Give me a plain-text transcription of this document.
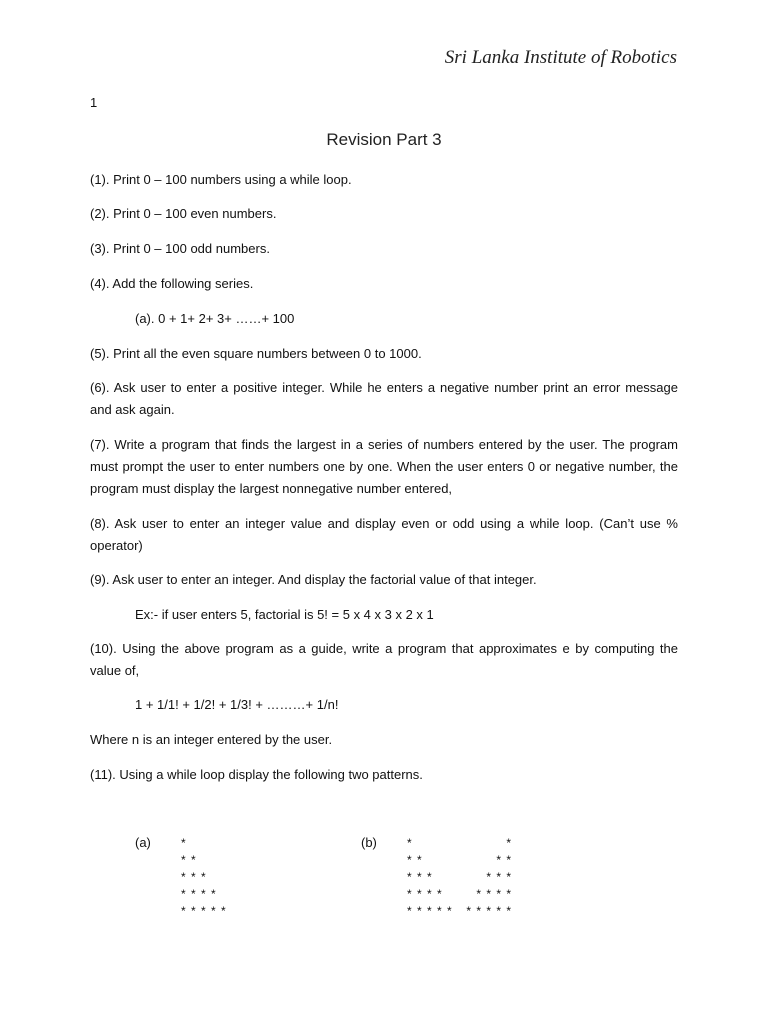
Sri Lanka Institute of Robotics
1
Revision Part 3

(1). Print 0 – 100 numbers using a while loop.

(2). Print 0 – 100 even numbers.

(3). Print 0 – 100 odd numbers.

(4). Add the following series.

(a). 0 + 1+ 2+ 3+ ……+ 100

(5). Print all the even square numbers between 0 to 1000.

(6). Ask user to enter a positive integer. While he enters a negative number print an error message and ask again.

(7). Write a program that finds the largest in a series of numbers entered by the user. The program must prompt the user to enter numbers one by one. When the user enters 0 or negative number, the program must display the largest nonnegative number entered,

(8). Ask user to enter an integer value and display even or odd using a while loop. (Can’t use % operator)

(9). Ask user to enter an integer. And display the factorial value of that integer.

Ex:- if user enters 5, factorial is 5! = 5 x 4 x 3 x 2 x 1

(10). Using the above program as a guide, write a program that approximates e by computing the value of,

1 + 1/1! + 1/2! + 1/3! + ………+ 1/n!

Where n is an integer entered by the user.

(11). Using a while loop display the following two patterns.

(a)	*
* *
* * *
* * * *
* * * * *

(b)	*
* *
* * *
* * * *
* * * * *
*
* *
* * *
* * * *
* * * * *
